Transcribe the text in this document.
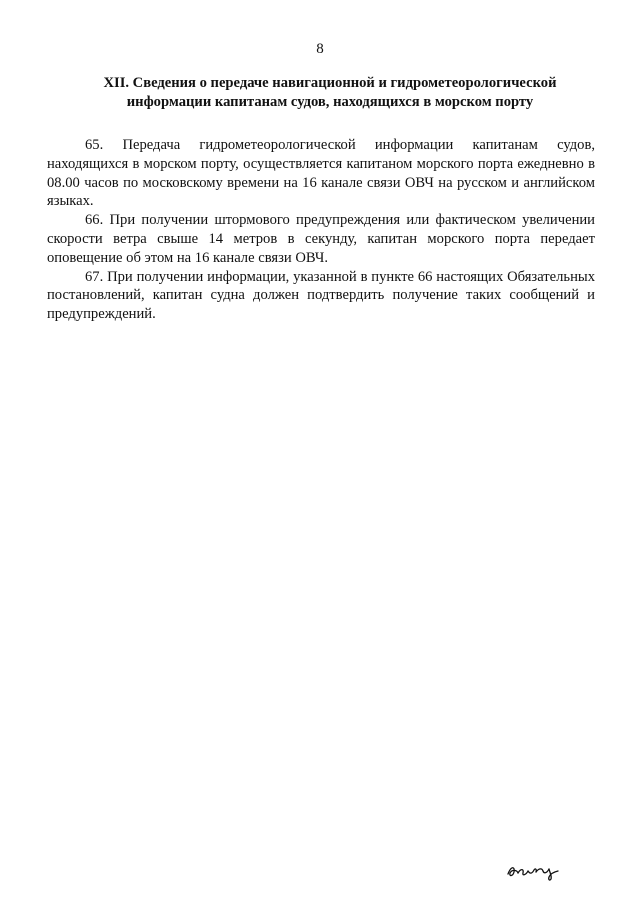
8
XII. Сведения о передаче навигационной и гидрометеорологической информации капитанам судов, находящихся в морском порту

65. Передача гидрометеорологической информации капитанам судов, находящихся в морском порту, осуществляется капитаном морского порта ежедневно в 08.00 часов по московскому времени на 16 канале связи ОВЧ на русском и английском языках.

66. При получении штормового предупреждения или фактическом увеличении скорости ветра свыше 14 метров в секунду, капитан морского порта передает оповещение об этом на 16 канале связи ОВЧ.

67. При получении информации, указанной в пункте 66 настоящих Обязательных постановлений, капитан судна должен подтвердить получение таких сообщений и предупреждений.
